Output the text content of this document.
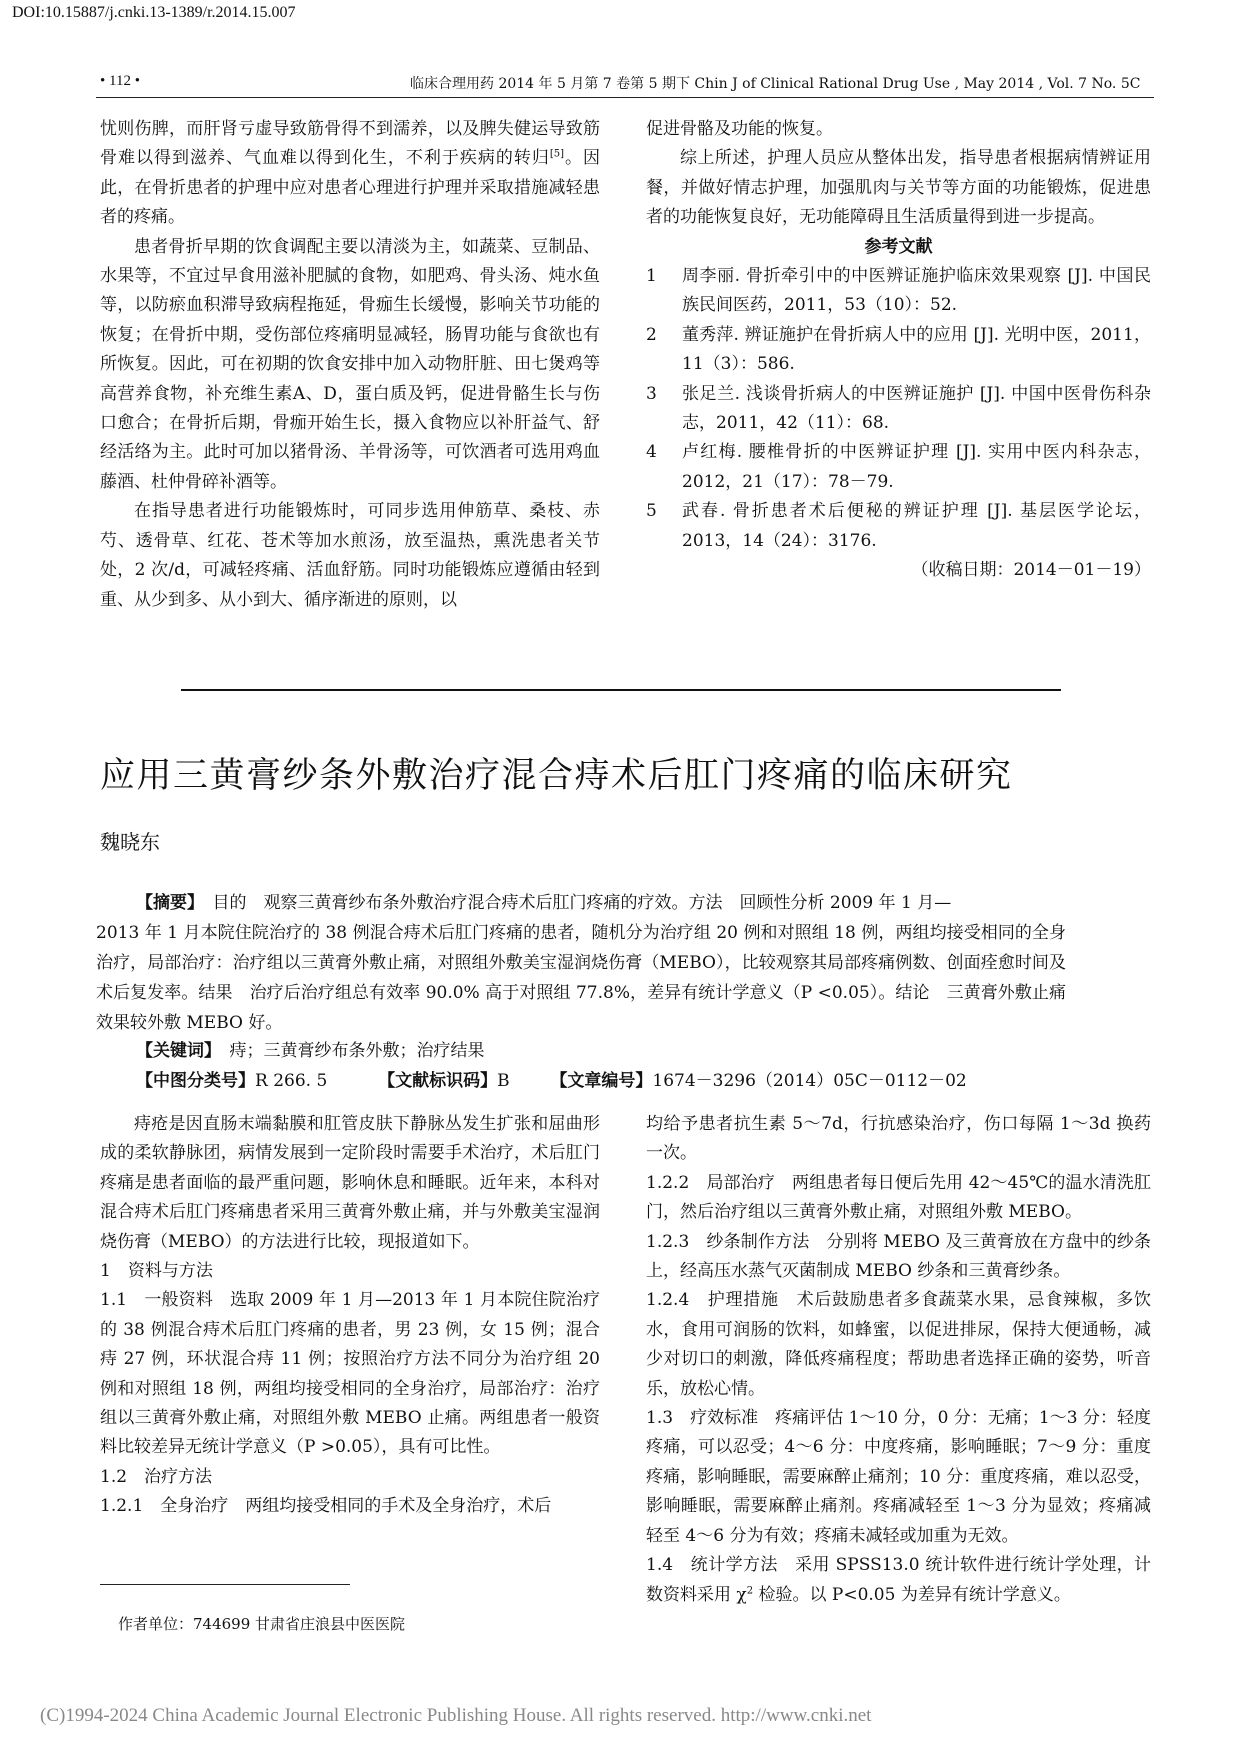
DOI:10.15887/j.cnki.13-1389/r.2014.15.007
• 112 •	临床合理用药 2014 年 5 月第 7 卷第 5 期下 Chin J of Clinical Rational Drug Use , May 2014 , Vol. 7 No. 5C

忧则伤脾，而肝肾亏虚导致筋骨得不到濡养，以及脾失健运导致筋骨难以得到滋养、气血难以得到化生，不利于疾病的转归[5]。因此，在骨折患者的护理中应对患者心理进行护理并采取措施减轻患者的疼痛。

患者骨折早期的饮食调配主要以清淡为主，如蔬菜、豆制品、水果等，不宜过早食用滋补肥腻的食物，如肥鸡、骨头汤、炖水鱼等，以防瘀血积滞导致病程拖延，骨痂生长缓慢，影响关节功能的恢复；在骨折中期，受伤部位疼痛明显减轻，肠胃功能与食欲也有所恢复。因此，可在初期的饮食安排中加入动物肝脏、田七煲鸡等高营养食物，补充维生素A、D，蛋白质及钙，促进骨骼生长与伤口愈合；在骨折后期，骨痂开始生长，摄入食物应以补肝益气、舒经活络为主。此时可加以猪骨汤、羊骨汤等，可饮酒者可选用鸡血藤酒、杜仲骨碎补酒等。

在指导患者进行功能锻炼时，可同步选用伸筋草、桑枝、赤芍、透骨草、红花、苍术等加水煎汤，放至温热，熏洗患者关节处，2 次/d，可减轻疼痛、活血舒筋。同时功能锻炼应遵循由轻到重、从少到多、从小到大、循序渐进的原则，以

促进骨骼及功能的恢复。

综上所述，护理人员应从整体出发，指导患者根据病情辨证用餐，并做好情志护理，加强肌肉与关节等方面的功能锻炼，促进患者的功能恢复良好，无功能障碍且生活质量得到进一步提高。

参考文献

1	周李丽. 骨折牵引中的中医辨证施护临床效果观察 [J]. 中国民族民间医药，2011，53（10）：52.
2	董秀萍. 辨证施护在骨折病人中的应用 [J]. 光明中医，2011，11（3）：586.
3	张足兰. 浅谈骨折病人的中医辨证施护 [J]. 中国中医骨伤科杂志，2011，42（11）：68.
4	卢红梅. 腰椎骨折的中医辨证护理 [J]. 实用中医内科杂志，2012，21（17）：78－79.
5	武春. 骨折患者术后便秘的辨证护理 [J]. 基层医学论坛，2013，14（24）：3176.

（收稿日期：2014－01－19）

应用三黄膏纱条外敷治疗混合痔术后肛门疼痛的临床研究
魏晓东

【摘要】　 目的　观察三黄膏纱布条外敷治疗混合痔术后肛门疼痛的疗效。方法　回顾性分析 2009 年 1 月—

2013 年 1 月本院住院治疗的 38 例混合痔术后肛门疼痛的患者，随机分为治疗组 20 例和对照组 18 例，两组均接受相同的全身治疗，局部治疗：治疗组以三黄膏外敷止痛，对照组外敷美宝湿润烧伤膏（MEBO），比较观察其局部疼痛例数、创面痊愈时间及术后复发率。结果　治疗后治疗组总有效率 90.0% 高于对照组 77.8%，差异有统计学意义（P <0.05）。结论　三黄膏外敷止痛效果较外敷 MEBO 好。

【关键词】　 痔；三黄膏纱布条外敷；治疗结果
【中图分类号】R 266. 5	【文献标识码】B 【文章编号】1674－3296（2014）05C－0112－02

痔疮是因直肠末端黏膜和肛管皮肤下静脉丛发生扩张和屈曲形成的柔软静脉团，病情发展到一定阶段时需要手术治疗，术后肛门疼痛是患者面临的最严重问题，影响休息和睡眠。近年来，本科对混合痔术后肛门疼痛患者采用三黄膏外敷止痛，并与外敷美宝湿润烧伤膏（MEBO）的方法进行比较，现报道如下。

1　资料与方法

1.1　一般资料　选取 2009 年 1 月—2013 年 1 月本院住院治疗的 38 例混合痔术后肛门疼痛的患者，男 23 例，女 15 例；混合痔 27 例，环状混合痔 11 例；按照治疗方法不同分为治疗组 20 例和对照组 18 例，两组均接受相同的全身治疗，局部治疗：治疗组以三黄膏外敷止痛，对照组外敷 MEBO 止痛。两组患者一般资料比较差异无统计学意义（P >0.05），具有可比性。

1.2　治疗方法

1.2.1　全身治疗　两组均接受相同的手术及全身治疗，术后

均给予患者抗生素 5～7d，行抗感染治疗，伤口每隔 1～3d 换药一次。

1.2.2　局部治疗　两组患者每日便后先用 42～45℃的温水清洗肛门，然后治疗组以三黄膏外敷止痛，对照组外敷 MEBO。

1.2.3　纱条制作方法　分别将 MEBO 及三黄膏放在方盘中的纱条上，经高压水蒸气灭菌制成 MEBO 纱条和三黄膏纱条。

1.2.4　护理措施　术后鼓励患者多食蔬菜水果，忌食辣椒，多饮水，食用可润肠的饮料，如蜂蜜，以促进排尿，保持大便通畅，减少对切口的刺激，降低疼痛程度；帮助患者选择正确的姿势，听音乐，放松心情。

1.3　疗效标准　疼痛评估 1～10 分，0 分：无痛；1～3 分：轻度疼痛，可以忍受；4～6 分：中度疼痛，影响睡眠；7～9 分：重度疼痛，影响睡眠，需要麻醉止痛剂；10 分：重度疼痛，难以忍受，影响睡眠，需要麻醉止痛剂。疼痛减轻至 1～3 分为显效；疼痛减轻至 4～6 分为有效；疼痛未减轻或加重为无效。

1.4　统计学方法　采用 SPSS13.0 统计软件进行统计学处理，计数资料采用 $\chi^2$ 检验。以 P<0.05 为差异有统计学意义。

作者单位：744699 甘肃省庄浪县中医医院
(C)1994-2024 China Academic Journal Electronic Publishing House. All rights reserved. http://www.cnki.net
